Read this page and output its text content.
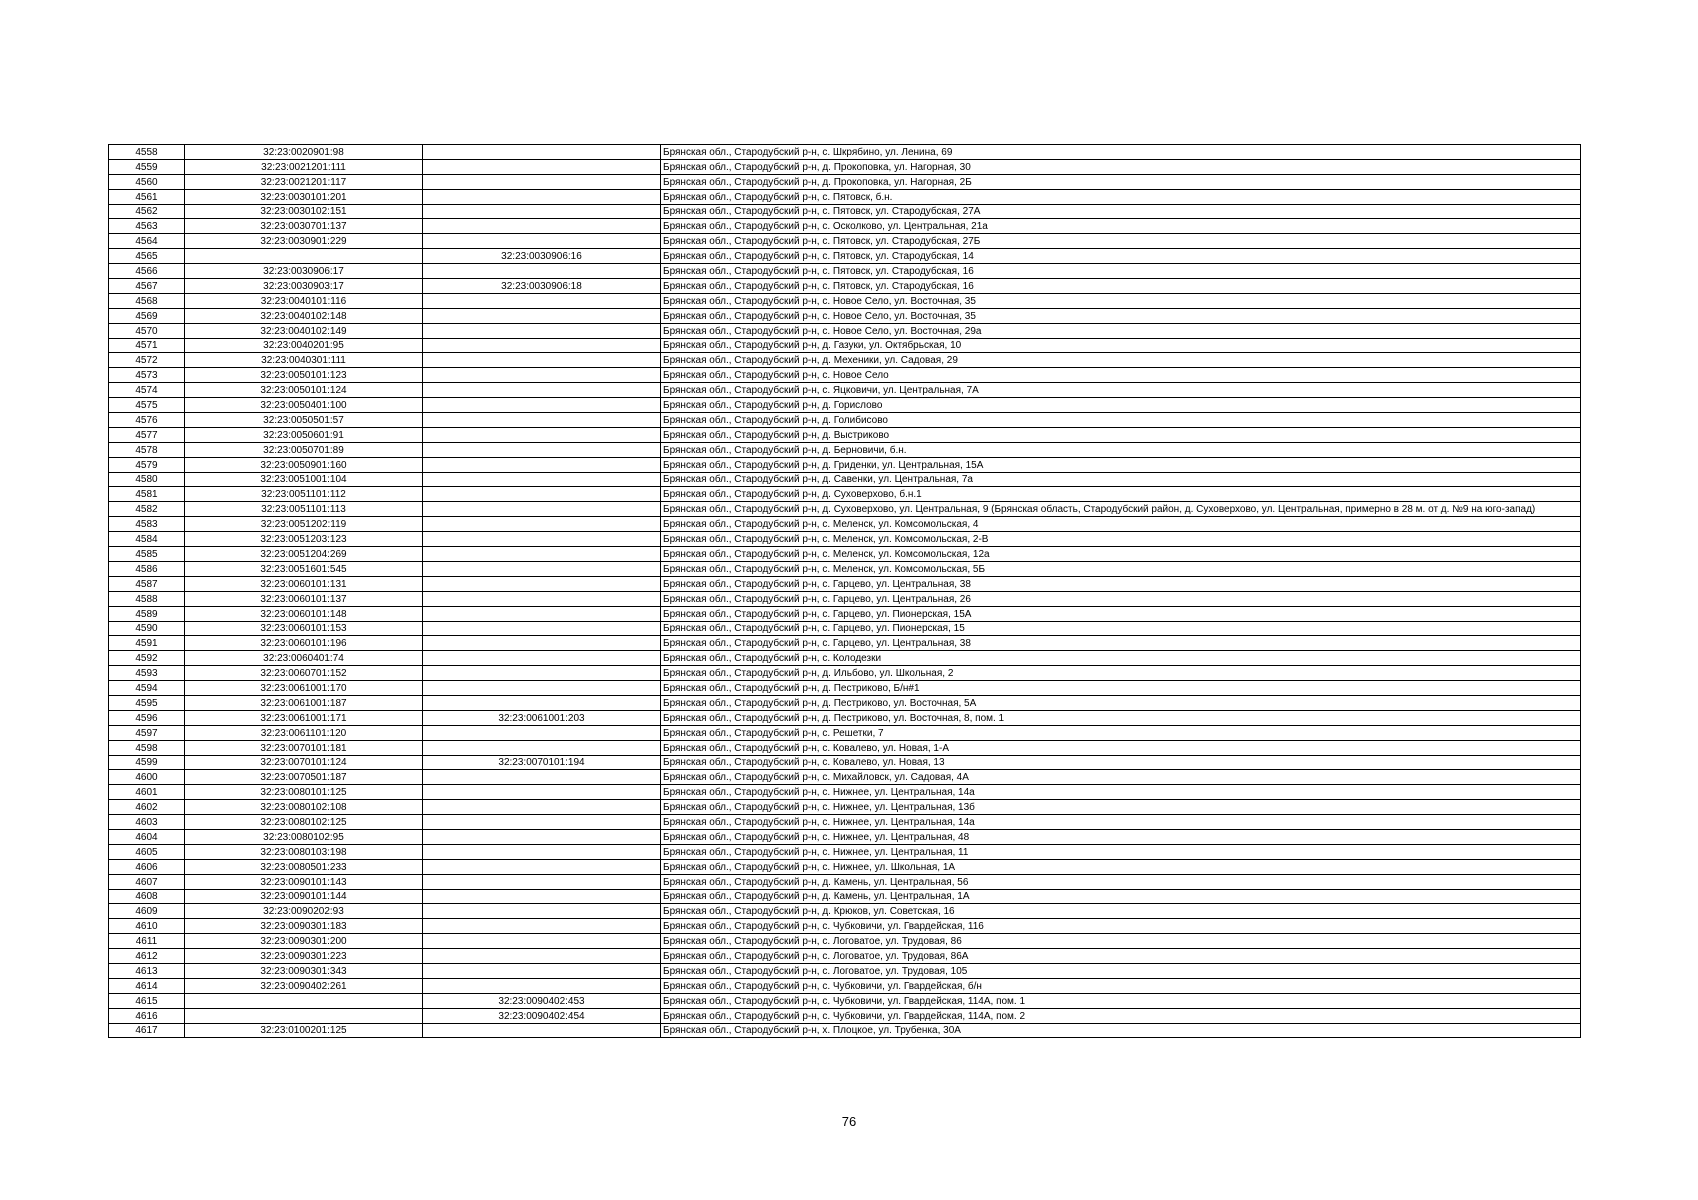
4558	32:23:0020901:98		Брянская обл., Стародубский р-н, с. Шкрябино, ул. Ленина, 69
4559	32:23:0021201:111		Брянская обл., Стародубский р-н, д. Прокоповка, ул. Нагорная, 30
4560	32:23:0021201:117		Брянская обл., Стародубский р-н, д. Прокоповка, ул. Нагорная, 2Б
4561	32:23:0030101:201		Брянская обл., Стародубский р-н, с. Пятовск, б.н.
4562	32:23:0030102:151		Брянская обл., Стародубский р-н, с. Пятовск, ул. Стародубская, 27А
4563	32:23:0030701:137		Брянская обл., Стародубский р-н, с. Осколково, ул. Центральная, 21а
4564	32:23:0030901:229		Брянская обл., Стародубский р-н, с. Пятовск, ул. Стародубская, 27Б
4565		32:23:0030906:16	Брянская обл., Стародубский р-н, с. Пятовск, ул. Стародубская, 14
4566	32:23:0030906:17		Брянская обл., Стародубский р-н, с. Пятовск, ул. Стародубская, 16
4567	32:23:0030903:17	32:23:0030906:18	Брянская обл., Стародубский р-н, с. Пятовск, ул. Стародубская, 16
4568	32:23:0040101:116		Брянская обл., Стародубский р-н, с. Новое Село, ул. Восточная, 35
4569	32:23:0040102:148		Брянская обл., Стародубский р-н, с. Новое Село, ул. Восточная, 35
4570	32:23:0040102:149		Брянская обл., Стародубский р-н, с. Новое Село, ул. Восточная, 29а
4571	32:23:0040201:95		Брянская обл., Стародубский р-н, д. Газуки, ул. Октябрьская, 10
4572	32:23:0040301:111		Брянская обл., Стародубский р-н, д. Мехеники, ул. Садовая, 29
4573	32:23:0050101:123		Брянская обл., Стародубский р-н, с. Новое Село
4574	32:23:0050101:124		Брянская обл., Стародубский р-н, с. Яцковичи, ул. Центральная, 7А
4575	32:23:0050401:100		Брянская обл., Стародубский р-н, д. Горислово
4576	32:23:0050501:57		Брянская обл., Стародубский р-н, д. Голибисово
4577	32:23:0050601:91		Брянская обл., Стародубский р-н, д. Выстриково
4578	32:23:0050701:89		Брянская обл., Стародубский р-н, д. Берновичи, б.н.
4579	32:23:0050901:160		Брянская обл., Стародубский р-н, д. Гриденки, ул. Центральная, 15А
4580	32:23:0051001:104		Брянская обл., Стародубский р-н, д. Савенки, ул. Центральная, 7а
4581	32:23:0051101:112		Брянская обл., Стародубский р-н, д. Суховерхово, б.н.1
4582	32:23:0051101:113		Брянская обл., Стародубский р-н, д. Суховерхово, ул. Центральная, 9 (Брянская область, Стародубский район, д. Суховерхово, ул. Центральная, примерно в 28 м. от д. №9 на юго-запад)
4583	32:23:0051202:119		Брянская обл., Стародубский р-н, с. Меленск, ул. Комсомольская, 4
4584	32:23:0051203:123		Брянская обл., Стародубский р-н, с. Меленск, ул. Комсомольская, 2-В
4585	32:23:0051204:269		Брянская обл., Стародубский р-н, с. Меленск, ул. Комсомольская, 12а
4586	32:23:0051601:545		Брянская обл., Стародубский р-н, с. Меленск, ул. Комсомольская, 5Б
4587	32:23:0060101:131		Брянская обл., Стародубский р-н, с. Гарцево, ул. Центральная, 38
4588	32:23:0060101:137		Брянская обл., Стародубский р-н, с. Гарцево, ул. Центральная, 26
4589	32:23:0060101:148		Брянская обл., Стародубский р-н, с. Гарцево, ул. Пионерская, 15А
4590	32:23:0060101:153		Брянская обл., Стародубский р-н, с. Гарцево, ул. Пионерская, 15
4591	32:23:0060101:196		Брянская обл., Стародубский р-н, с. Гарцево, ул. Центральная, 38
4592	32:23:0060401:74		Брянская обл., Стародубский р-н, с. Колодезки
4593	32:23:0060701:152		Брянская обл., Стародубский р-н, д. Ильбово, ул. Школьная, 2
4594	32:23:0061001:170		Брянская обл., Стародубский р-н, д. Пестриково, Б/н#1
4595	32:23:0061001:187		Брянская обл., Стародубский р-н, д. Пестриково, ул. Восточная, 5А
4596	32:23:0061001:171	32:23:0061001:203	Брянская обл., Стародубский р-н, д. Пестриково, ул. Восточная, 8, пом. 1
4597	32:23:0061101:120		Брянская обл., Стародубский р-н, с. Решетки, 7
4598	32:23:0070101:181		Брянская обл., Стародубский р-н, с. Ковалево, ул. Новая, 1-А
4599	32:23:0070101:124	32:23:0070101:194	Брянская обл., Стародубский р-н, с. Ковалево, ул. Новая, 13
4600	32:23:0070501:187		Брянская обл., Стародубский р-н, с. Михайловск, ул. Садовая, 4А
4601	32:23:0080101:125		Брянская обл., Стародубский р-н, с. Нижнее, ул. Центральная, 14а
4602	32:23:0080102:108		Брянская обл., Стародубский р-н, с. Нижнее, ул. Центральная, 13б
4603	32:23:0080102:125		Брянская обл., Стародубский р-н, с. Нижнее, ул. Центральная, 14а
4604	32:23:0080102:95		Брянская обл., Стародубский р-н, с. Нижнее, ул. Центральная, 48
4605	32:23:0080103:198		Брянская обл., Стародубский р-н, с. Нижнее, ул. Центральная, 11
4606	32:23:0080501:233		Брянская обл., Стародубский р-н, с. Нижнее, ул. Школьная, 1А
4607	32:23:0090101:143		Брянская обл., Стародубский р-н, д. Камень, ул. Центральная, 56
4608	32:23:0090101:144		Брянская обл., Стародубский р-н, д. Камень, ул. Центральная, 1А
4609	32:23:0090202:93		Брянская обл., Стародубский р-н, д. Крюков, ул. Советская, 16
4610	32:23:0090301:183		Брянская обл., Стародубский р-н, с. Чубковичи, ул. Гвардейская, 116
4611	32:23:0090301:200		Брянская обл., Стародубский р-н, с. Логоватое, ул. Трудовая, 86
4612	32:23:0090301:223		Брянская обл., Стародубский р-н, с. Логоватое, ул. Трудовая, 86А
4613	32:23:0090301:343		Брянская обл., Стародубский р-н, с. Логоватое, ул. Трудовая, 105
4614	32:23:0090402:261		Брянская обл., Стародубский р-н, с. Чубковичи, ул. Гвардейская, б/н
4615		32:23:0090402:453	Брянская обл., Стародубский р-н, с. Чубковичи, ул. Гвардейская, 114А, пом. 1
4616		32:23:0090402:454	Брянская обл., Стародубский р-н, с. Чубковичи, ул. Гвардейская, 114А, пом. 2
4617	32:23:0100201:125		Брянская обл., Стародубский р-н, х. Плоцкое, ул. Трубенка, 30А
76
